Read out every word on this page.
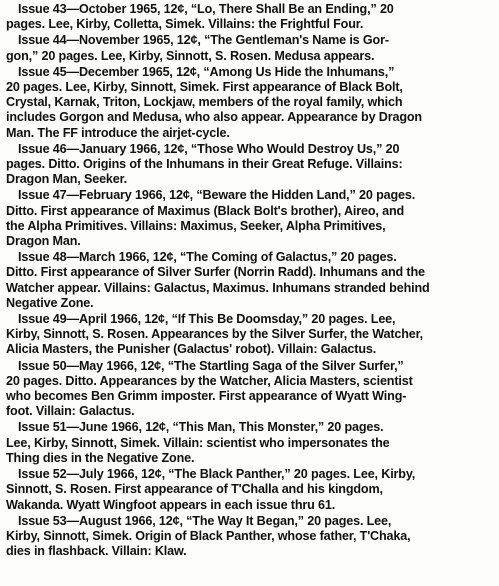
Issue 43—October 1965, 12¢, “Lo, There Shall Be an Ending,” 20
pages. Lee, Kirby, Colletta, Simek. Villains: the Frightful Four.
Issue 44—November 1965, 12¢, “The Gentleman's Name is Gor-
gon,” 20 pages. Lee, Kirby, Sinnott, S. Rosen. Medusa appears.
Issue 45—December 1965, 12¢, “Among Us Hide the Inhumans,”
20 pages. Lee, Kirby, Sinnott, Simek. First appearance of Black Bolt,
Crystal, Karnak, Triton, Lockjaw, members of the royal family, which
includes Gorgon and Medusa, who also appear. Appearance by Dragon
Man. The FF introduce the airjet-cycle.
Issue 46—January 1966, 12¢, “Those Who Would Destroy Us,” 20
pages. Ditto. Origins of the Inhumans in their Great Refuge. Villains:
Dragon Man, Seeker.
Issue 47—February 1966, 12¢, “Beware the Hidden Land,” 20 pages.
Ditto. First appearance of Maximus (Black Bolt's brother), Aireo, and
the Alpha Primitives. Villains: Maximus, Seeker, Alpha Primitives,
Dragon Man.
Issue 48—March 1966, 12¢, “The Coming of Galactus,” 20 pages.
Ditto. First appearance of Silver Surfer (Norrin Radd). Inhumans and the
Watcher appear. Villains: Galactus, Maximus. Inhumans stranded behind
Negative Zone.
Issue 49—April 1966, 12¢, “If This Be Doomsday,” 20 pages. Lee,
Kirby, Sinnott, S. Rosen. Appearances by the Silver Surfer, the Watcher,
Alicia Masters, the Punisher (Galactus' robot). Villain: Galactus.
Issue 50—May 1966, 12¢, “The Startling Saga of the Silver Surfer,”
20 pages. Ditto. Appearances by the Watcher, Alicia Masters, scientist
who becomes Ben Grimm imposter. First appearance of Wyatt Wing-
foot. Villain: Galactus.
Issue 51—June 1966, 12¢, “This Man, This Monster,” 20 pages.
Lee, Kirby, Sinnott, Simek. Villain: scientist who impersonates the
Thing dies in the Negative Zone.
Issue 52—July 1966, 12¢, “The Black Panther,” 20 pages. Lee, Kirby,
Sinnott, S. Rosen. First appearance of T'Challa and his kingdom,
Wakanda. Wyatt Wingfoot appears in each issue thru 61.
Issue 53—August 1966, 12¢, “The Way It Began,” 20 pages. Lee,
Kirby, Sinnott, Simek. Origin of Black Panther, whose father, T'Chaka,
dies in flashback. Villain: Klaw.
